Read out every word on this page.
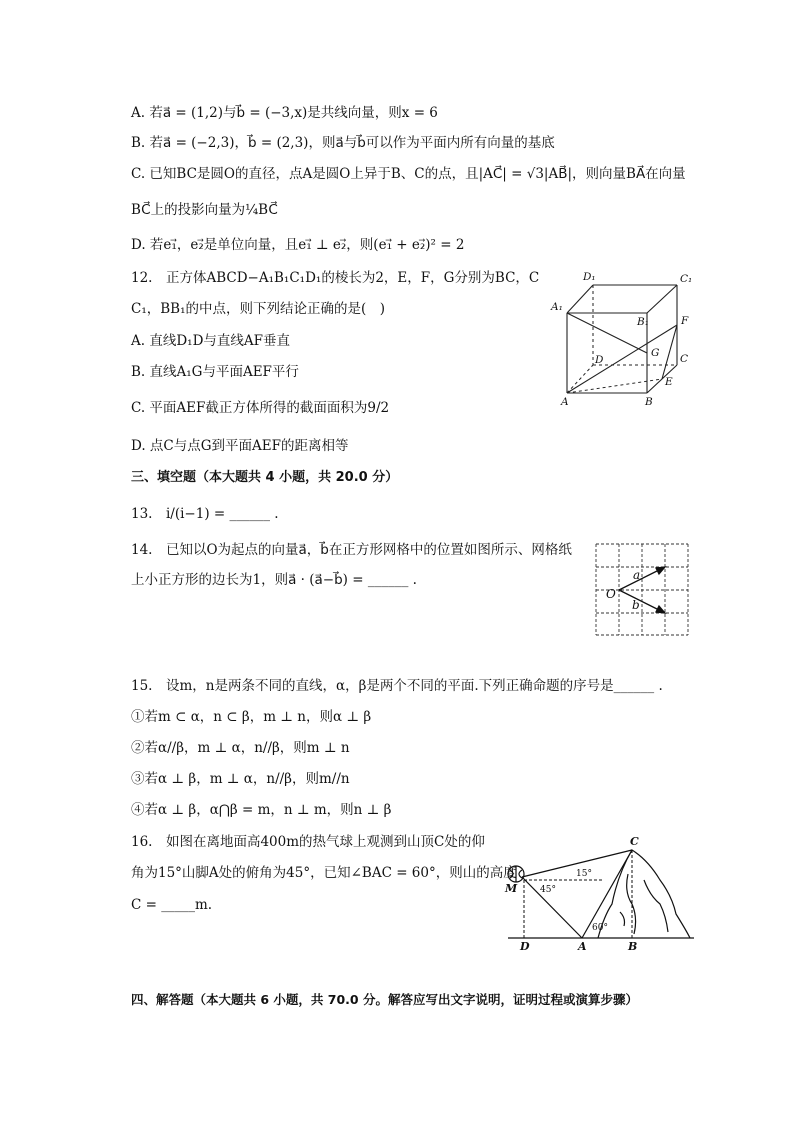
A. 若a⃗ = (1,2)与b⃗ = (−3,x)是共线向量，则x = 6
B. 若a⃗ = (−2,3)，b⃗ = (2,3)，则a⃗与b⃗可以作为平面内所有向量的基底
C. 已知BC是圆O的直径，点A是圆O上异于B、C的点，且|AC⃗| = √3|AB⃗|，则向量BA⃗在向量
BC⃗上的投影向量为¼BC⃗
D. 若e₁⃗，e₂⃗是单位向量，且e₁⃗ ⊥ e₂⃗，则(e₁⃗ + e₂⃗)² = 2
12.　正方体ABCD−A₁B₁C₁D₁的棱长为2，E，F，G分别为BC，C
C₁，BB₁的中点，则下列结论正确的是(　)
A. 直线D₁D与直线AF垂直
B. 直线A₁G与平面AEF平行
C. 平面AEF截正方体所得的截面面积为9/2
D. 点C与点G到平面AEF的距离相等
D₁	C₁
A₁
B₁	F
D
G C
E
A	B
三、填空题（本大题共 4 小题，共 20.0 分）
13.　i/(i−1) = ______ .
14.　已知以O为起点的向量a⃗，b⃗在正方形网格中的位置如图所示、网格纸
上小正方形的边长为1，则a⃗ · (a⃗−b⃗) = ______ .	a
O
b
15.　设m，n是两条不同的直线，α，β是两个不同的平面.下列正确命题的序号是______ .
①若m ⊂ α，n ⊂ β，m ⊥ n，则α ⊥ β
②若α//β，m ⊥ α，n//β，则m ⊥ n
③若α ⊥ β，m ⊥ α，n//β，则m//n
④若α ⊥ β，α⋂β = m，n ⊥ m，则n ⊥ β
16.　如图在离地面高400m的热气球上观测到山顶C处的仰
角为15°山脚A处的俯角为45°，已知∠BAC = 60°，则山的高度
C = _____m.
C
M	45°
15°
60°
D	A	B
四、解答题（本大题共 6 小题，共 70.0 分。解答应写出文字说明，证明过程或演算步骤）
